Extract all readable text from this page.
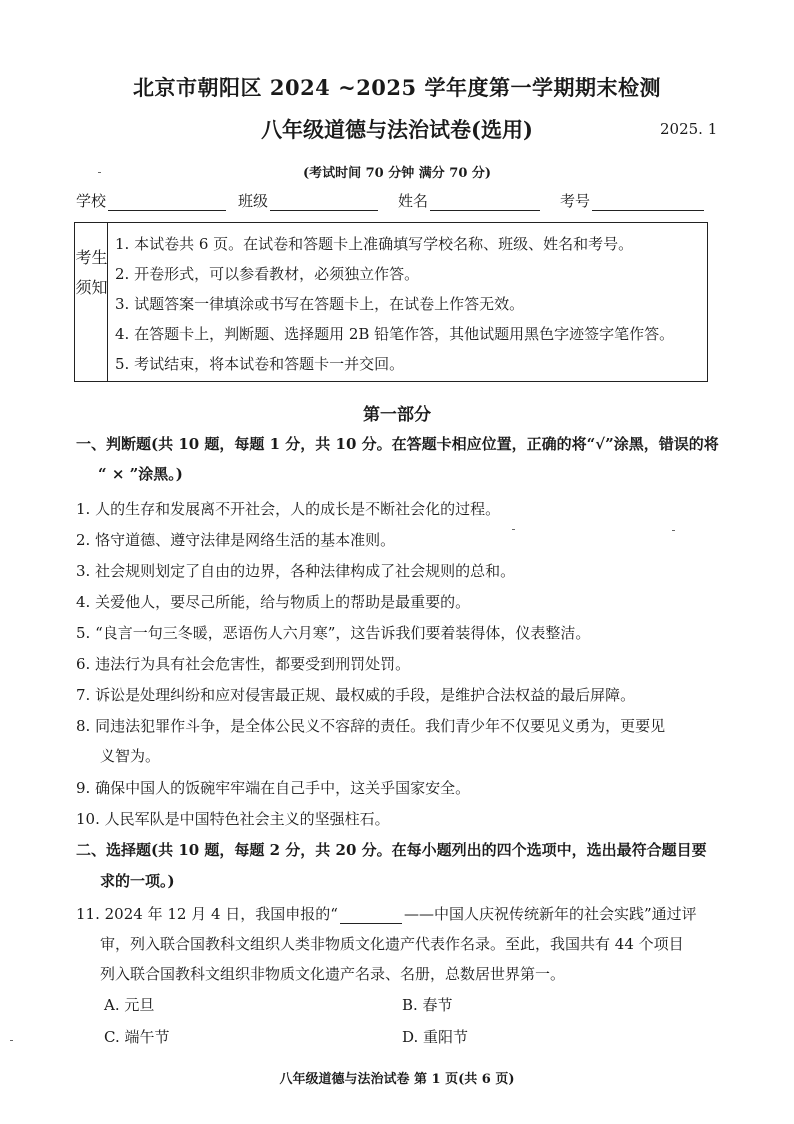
北京市朝阳区 2024 ~2025 学年度第一学期期末检测
八年级道德与法治试卷(选用)	2025. 1
(考试时间 70 分钟 满分 70 分)
学校	班级	姓名	考号
考生须知
1. 本试卷共 6 页。在试卷和答题卡上准确填写学校名称、班级、姓名和考号。
2. 开卷形式，可以参看教材，必须独立作答。
3. 试题答案一律填涂或书写在答题卡上，在试卷上作答无效。
4. 在答题卡上，判断题、选择题用 2B 铅笔作答，其他试题用黑色字迹签字笔作答。
5. 考试结束，将本试卷和答题卡一并交回。
第一部分
一、判断题(共 10 题，每题 1 分，共 10 分。在答题卡相应位置，正确的将“√”涂黑，错误的将
“ × ”涂黑。)
1. 人的生存和发展离不开社会，人的成长是不断社会化的过程。
2. 恪守道德、遵守法律是网络生活的基本准则。
3. 社会规则划定了自由的边界，各种法律构成了社会规则的总和。
4. 关爱他人，要尽己所能，给与物质上的帮助是最重要的。
5. “良言一句三冬暖，恶语伤人六月寒”，这告诉我们要着装得体，仪表整洁。
6. 违法行为具有社会危害性，都要受到刑罚处罚。
7. 诉讼是处理纠纷和应对侵害最正规、最权威的手段，是维护合法权益的最后屏障。
8. 同违法犯罪作斗争，是全体公民义不容辞的责任。我们青少年不仅要见义勇为，更要见
义智为。
9. 确保中国人的饭碗牢牢端在自己手中，这关乎国家安全。
10. 人民军队是中国特色社会主义的坚强柱石。
二、选择题(共 10 题，每题 2 分，共 20 分。在每小题列出的四个选项中，选出最符合题目要
求的一项。)
11. 2024 年 12 月 4 日，我国申报的“	——中国人庆祝传统新年的社会实践”通过评
审，列入联合国教科文组织人类非物质文化遗产代表作名录。至此，我国共有 44 个项目
列入联合国教科文组织非物质文化遗产名录、名册，总数居世界第一。
A. 元旦	B. 春节
C. 端午节	D. 重阳节
八年级道德与法治试卷 第 1 页(共 6 页)
